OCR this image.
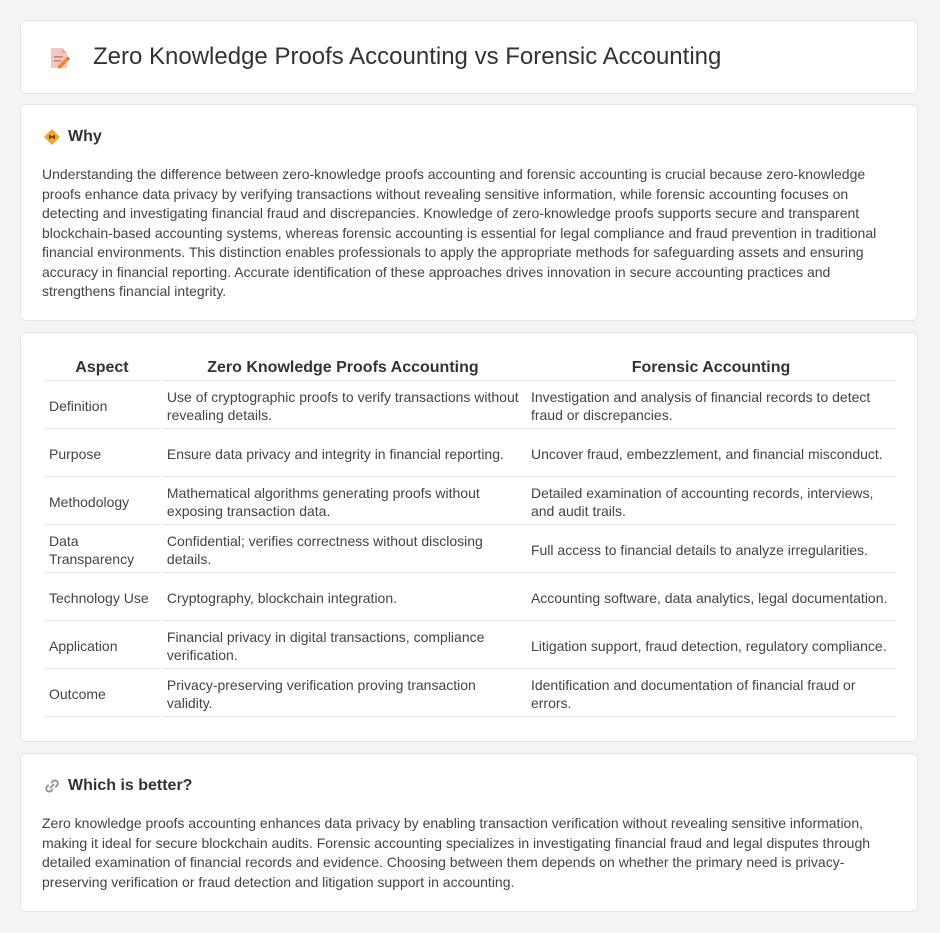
Zero Knowledge Proofs Accounting vs Forensic Accounting
Why

Understanding the difference between zero-knowledge proofs accounting and forensic accounting is crucial because zero-knowledge proofs enhance data privacy by verifying transactions without revealing sensitive information, while forensic accounting focuses on detecting and investigating financial fraud and discrepancies. Knowledge of zero-knowledge proofs supports secure and transparent blockchain-based accounting systems, whereas forensic accounting is essential for legal compliance and fraud prevention in traditional financial environments. This distinction enables professionals to apply the appropriate methods for safeguarding assets and ensuring accuracy in financial reporting. Accurate identification of these approaches drives innovation in secure accounting practices and strengthens financial integrity.

Aspect	Zero Knowledge Proofs Accounting	Forensic Accounting
Definition	Use of cryptographic proofs to verify transactions without revealing details.	Investigation and analysis of financial records to detect fraud or discrepancies.
Purpose	Ensure data privacy and integrity in financial reporting.	Uncover fraud, embezzlement, and financial misconduct.
Methodology	Mathematical algorithms generating proofs without exposing transaction data.	Detailed examination of accounting records, interviews, and audit trails.
Data Transparency	Confidential; verifies correctness without disclosing details.	Full access to financial details to analyze irregularities.
Technology Use	Cryptography, blockchain integration.	Accounting software, data analytics, legal documentation.
Application	Financial privacy in digital transactions, compliance verification.	Litigation support, fraud detection, regulatory compliance.
Outcome	Privacy-preserving verification proving transaction validity.	Identification and documentation of financial fraud or errors.
Which is better?

Zero knowledge proofs accounting enhances data privacy by enabling transaction verification without revealing sensitive information, making it ideal for secure blockchain audits. Forensic accounting specializes in investigating financial fraud and legal disputes through detailed examination of financial records and evidence. Choosing between them depends on whether the primary need is privacy-preserving verification or fraud detection and litigation support in accounting.
